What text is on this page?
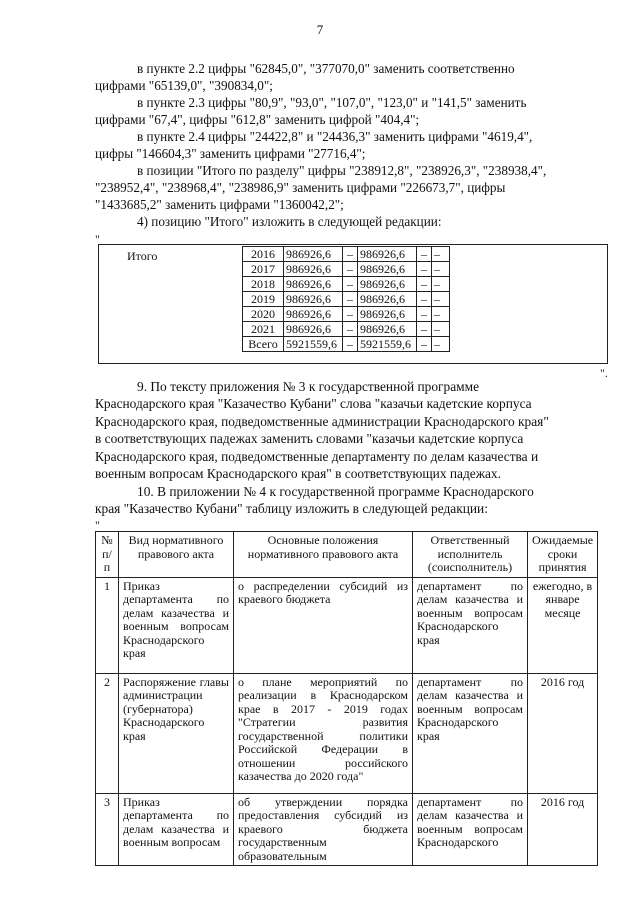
7
в пункте 2.2 цифры "62845,0", "377070,0" заменить соответственно
цифрами "65139,0", "390834,0";
в пункте 2.3 цифры "80,9", "93,0", "107,0", "123,0" и "141,5" заменить
цифрами "67,4", цифры "612,8" заменить цифрой "404,4";
в пункте 2.4 цифры "24422,8" и "24436,3" заменить цифрами "4619,4",
цифры "146604,3" заменить цифрами "27716,4";
в позиции "Итого по разделу" цифры "238912,8", "238926,3", "238938,4",
"238952,4", "238968,4", "238986,9" заменить цифрами "226673,7", цифры
"1433685,2" заменить цифрами "1360042,2";
4) позицию "Итого" изложить в следующей редакции:
"
Итого	2016	986926,6	–	986926,6	–	–
2017	986926,6	–	986926,6	–	–
2018	986926,6	–	986926,6	–	–
2019	986926,6	–	986926,6	–	–
2020	986926,6	–	986926,6	–	–
2021	986926,6	–	986926,6	–	–
Всего	5921559,6	–	5921559,6	–	–
".
9. По тексту приложения № 3 к государственной программе
Краснодарского края "Казачество Кубани" слова "казачьи кадетские корпуса
Краснодарского края, подведомственные администрации Краснодарского края"
в соответствующих падежах заменить словами "казачьи кадетские корпуса
Краснодарского края, подведомственные департаменту по делам казачества и
военным вопросам Краснодарского края" в соответствующих падежах.
10. В приложении № 4 к государственной программе Краснодарского
края "Казачество Кубани" таблицу изложить в следующей редакции:
"
№ п/п	Вид нормативного правового акта	Основные положения нормативного правового акта	Ответственный исполнитель (соисполнитель)	Ожидаемые сроки принятия
1	Приказ департамента по делам казачества и военным вопросам Краснодарского края	о распределении субсидий из краевого бюджета	департамент по делам казачества и военным вопросам Краснодарского края	ежегодно, в январе месяце
2	Распоряжение главы администрации (губернатора) Краснодарского края	о плане мероприятий по реализации в Краснодарском крае в 2017 - 2019 годах "Стратегии развития государственной политики Российской Федерации в отношении российского казачества до 2020 года"	департамент по делам казачества и военным вопросам Краснодарского края	2016 год
3	Приказ департамента по делам казачества и военным вопросам	об утверждении порядка предоставления субсидий из краевого бюджета государственным образовательным	департамент по делам казачества и военным вопросам Краснодарского	2016 год
